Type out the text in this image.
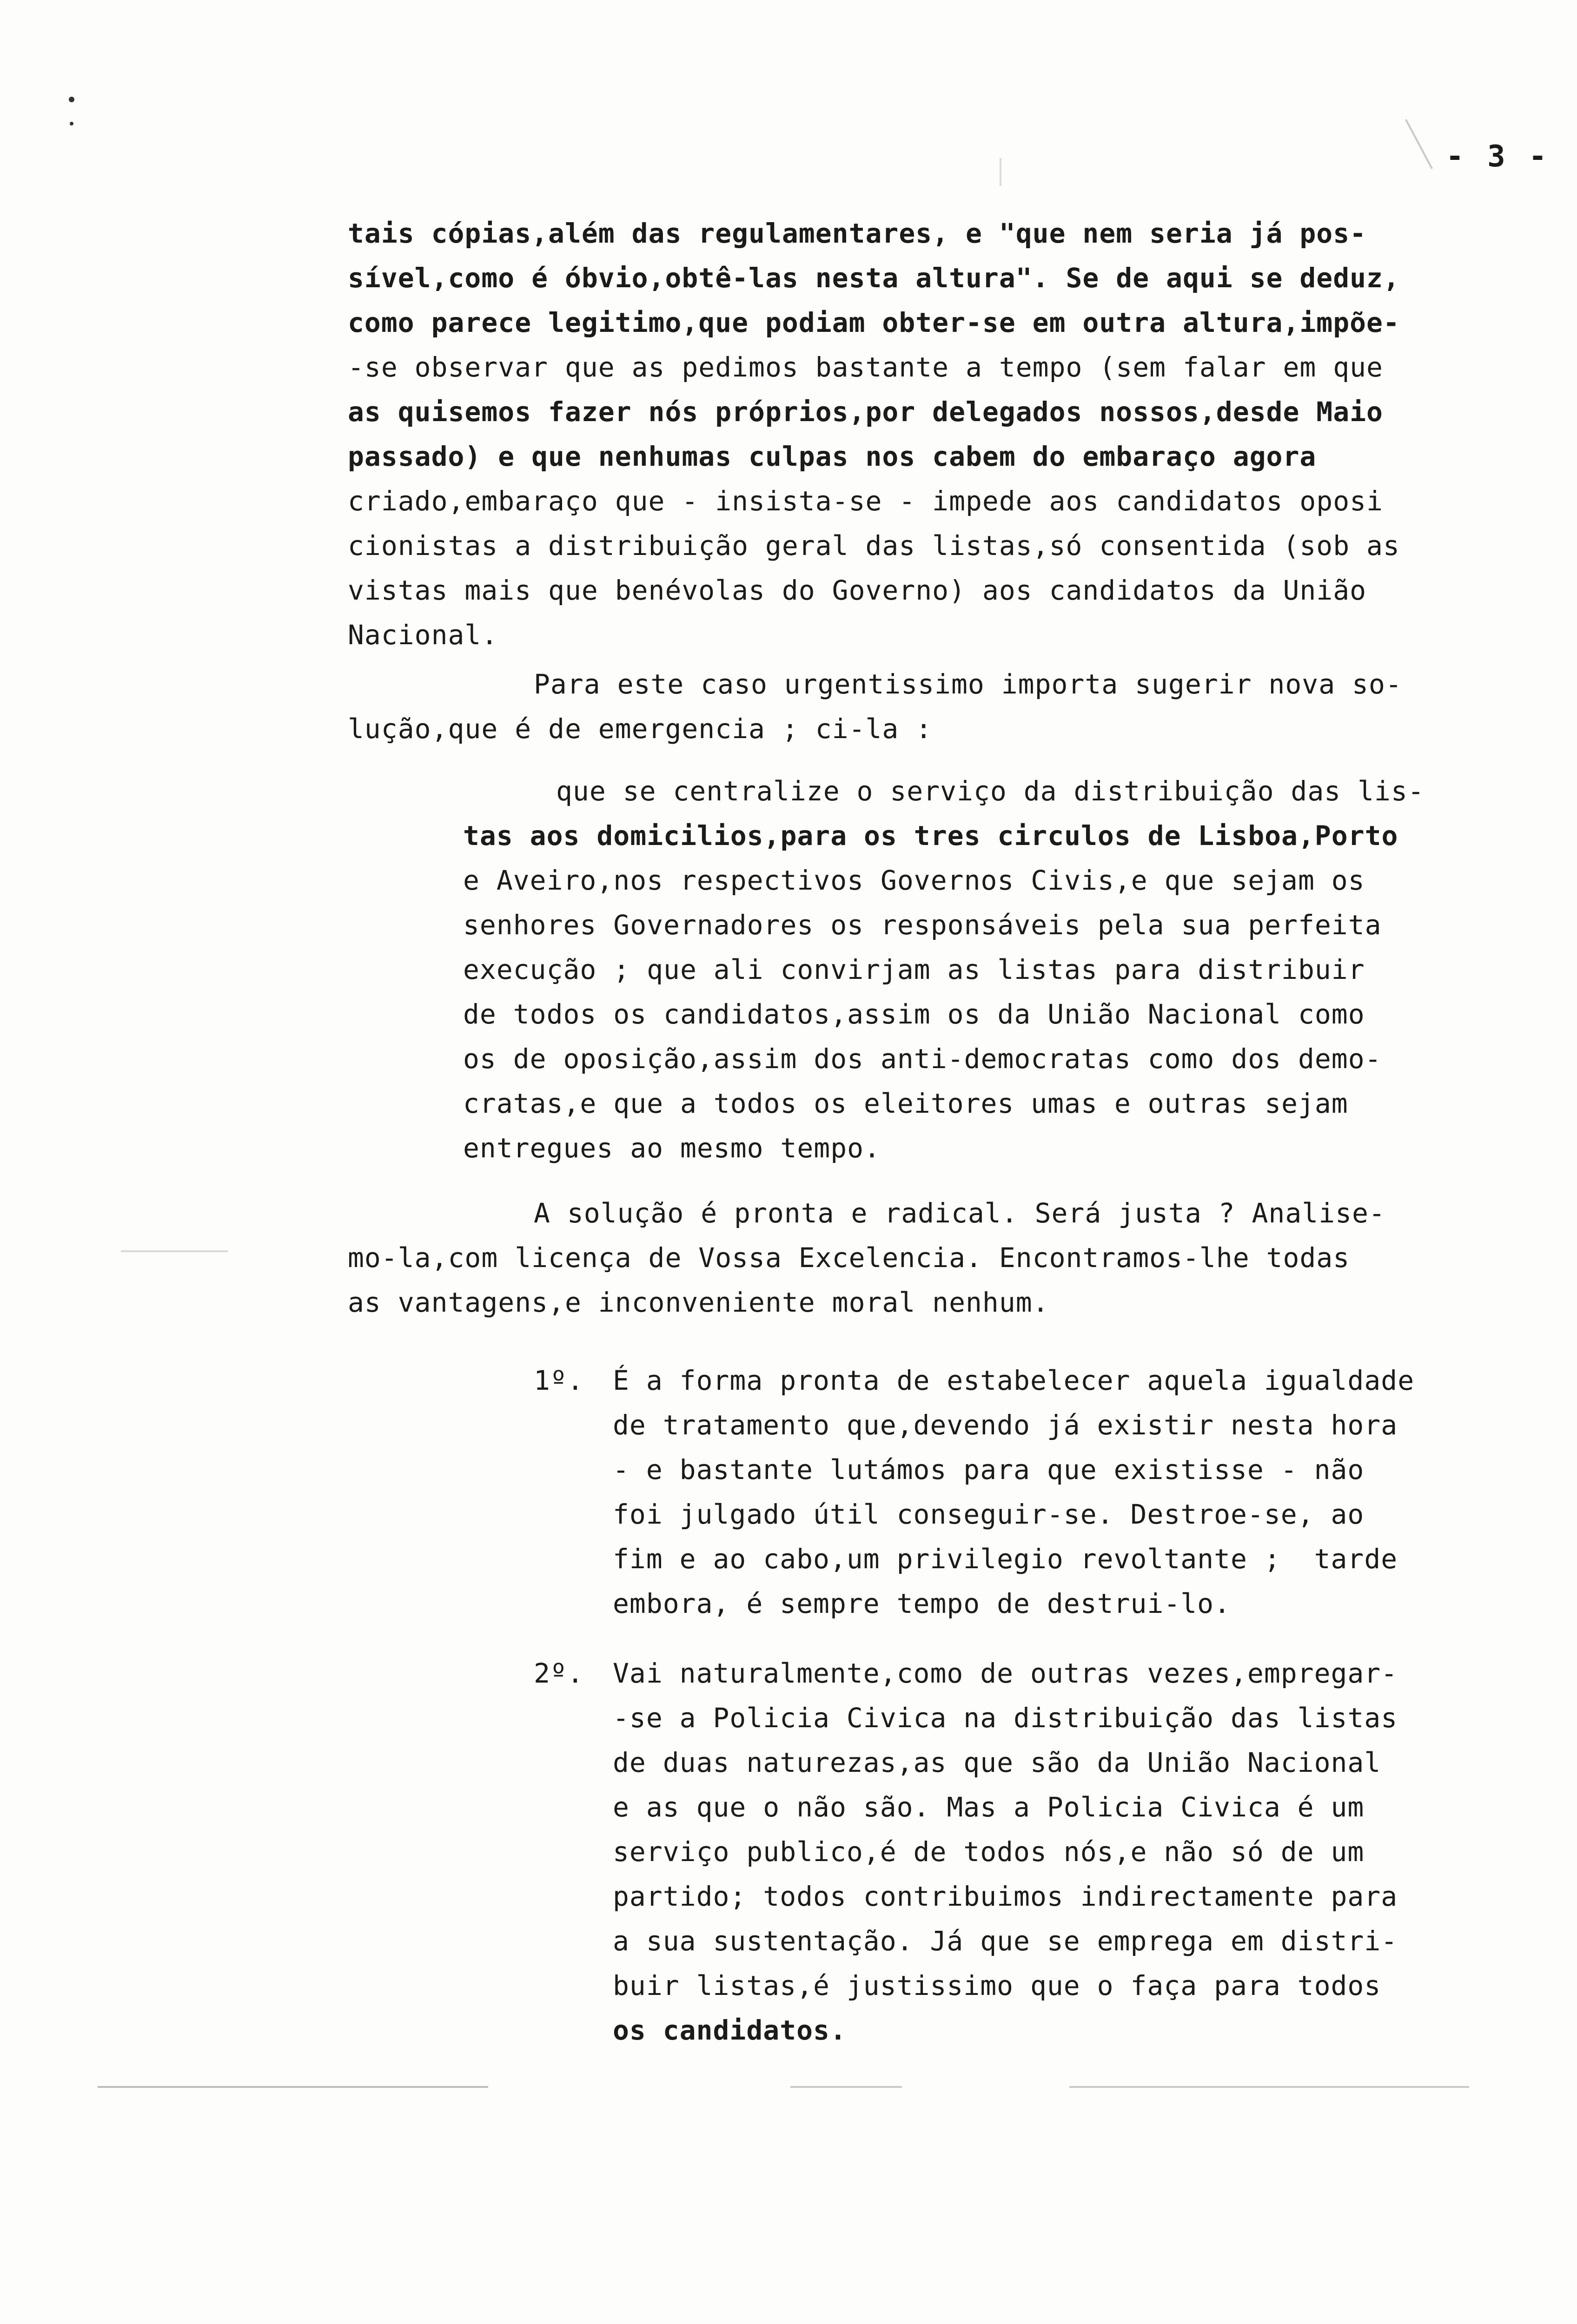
- 3 -
tais cópias,além das regulamentares, e "que nem seria já pos-
sível,como é óbvio,obtê-las nesta altura". Se de aqui se deduz,
como parece legitimo,que podiam obter-se em outra altura,impõe-
-se observar que as pedimos bastante a tempo (sem falar em que
as quisemos fazer nós próprios,por delegados nossos,desde Maio
passado) e que nenhumas culpas nos cabem do embaraço agora
criado,embaraço que - insista-se - impede aos candidatos oposi
cionistas a distribuição geral das listas,só consentida (sob as
vistas mais que benévolas do Governo) aos candidatos da União
Nacional.
Para este caso urgentissimo importa sugerir nova so-
lução,que é de emergencia ; ci-la :
que se centralize o serviço da distribuição das lis-
tas aos domicilios,para os tres circulos de Lisboa,Porto
e Aveiro,nos respectivos Governos Civis,e que sejam os
senhores Governadores os responsáveis pela sua perfeita
execução ; que ali convirjam as listas para distribuir
de todos os candidatos,assim os da União Nacional como
os de oposição,assim dos anti-democratas como dos demo-
cratas,e que a todos os eleitores umas e outras sejam
entregues ao mesmo tempo.
A solução é pronta e radical. Será justa ? Analise-
mo-la,com licença de Vossa Excelencia. Encontramos-lhe todas
as vantagens,e inconveniente moral nenhum.
1º. É a forma pronta de estabelecer aquela igualdade
de tratamento que,devendo já existir nesta hora
- e bastante lutámos para que existisse - não
foi julgado útil conseguir-se. Destroe-se, ao
fim e ao cabo,um privilegio revoltante ;  tarde
embora, é sempre tempo de destrui-lo.
2º. Vai naturalmente,como de outras vezes,empregar-
-se a Policia Civica na distribuição das listas
de duas naturezas,as que são da União Nacional
e as que o não são. Mas a Policia Civica é um
serviço publico,é de todos nós,e não só de um
partido; todos contribuimos indirectamente para
a sua sustentação. Já que se emprega em distri-
buir listas,é justissimo que o faça para todos
os candidatos.
